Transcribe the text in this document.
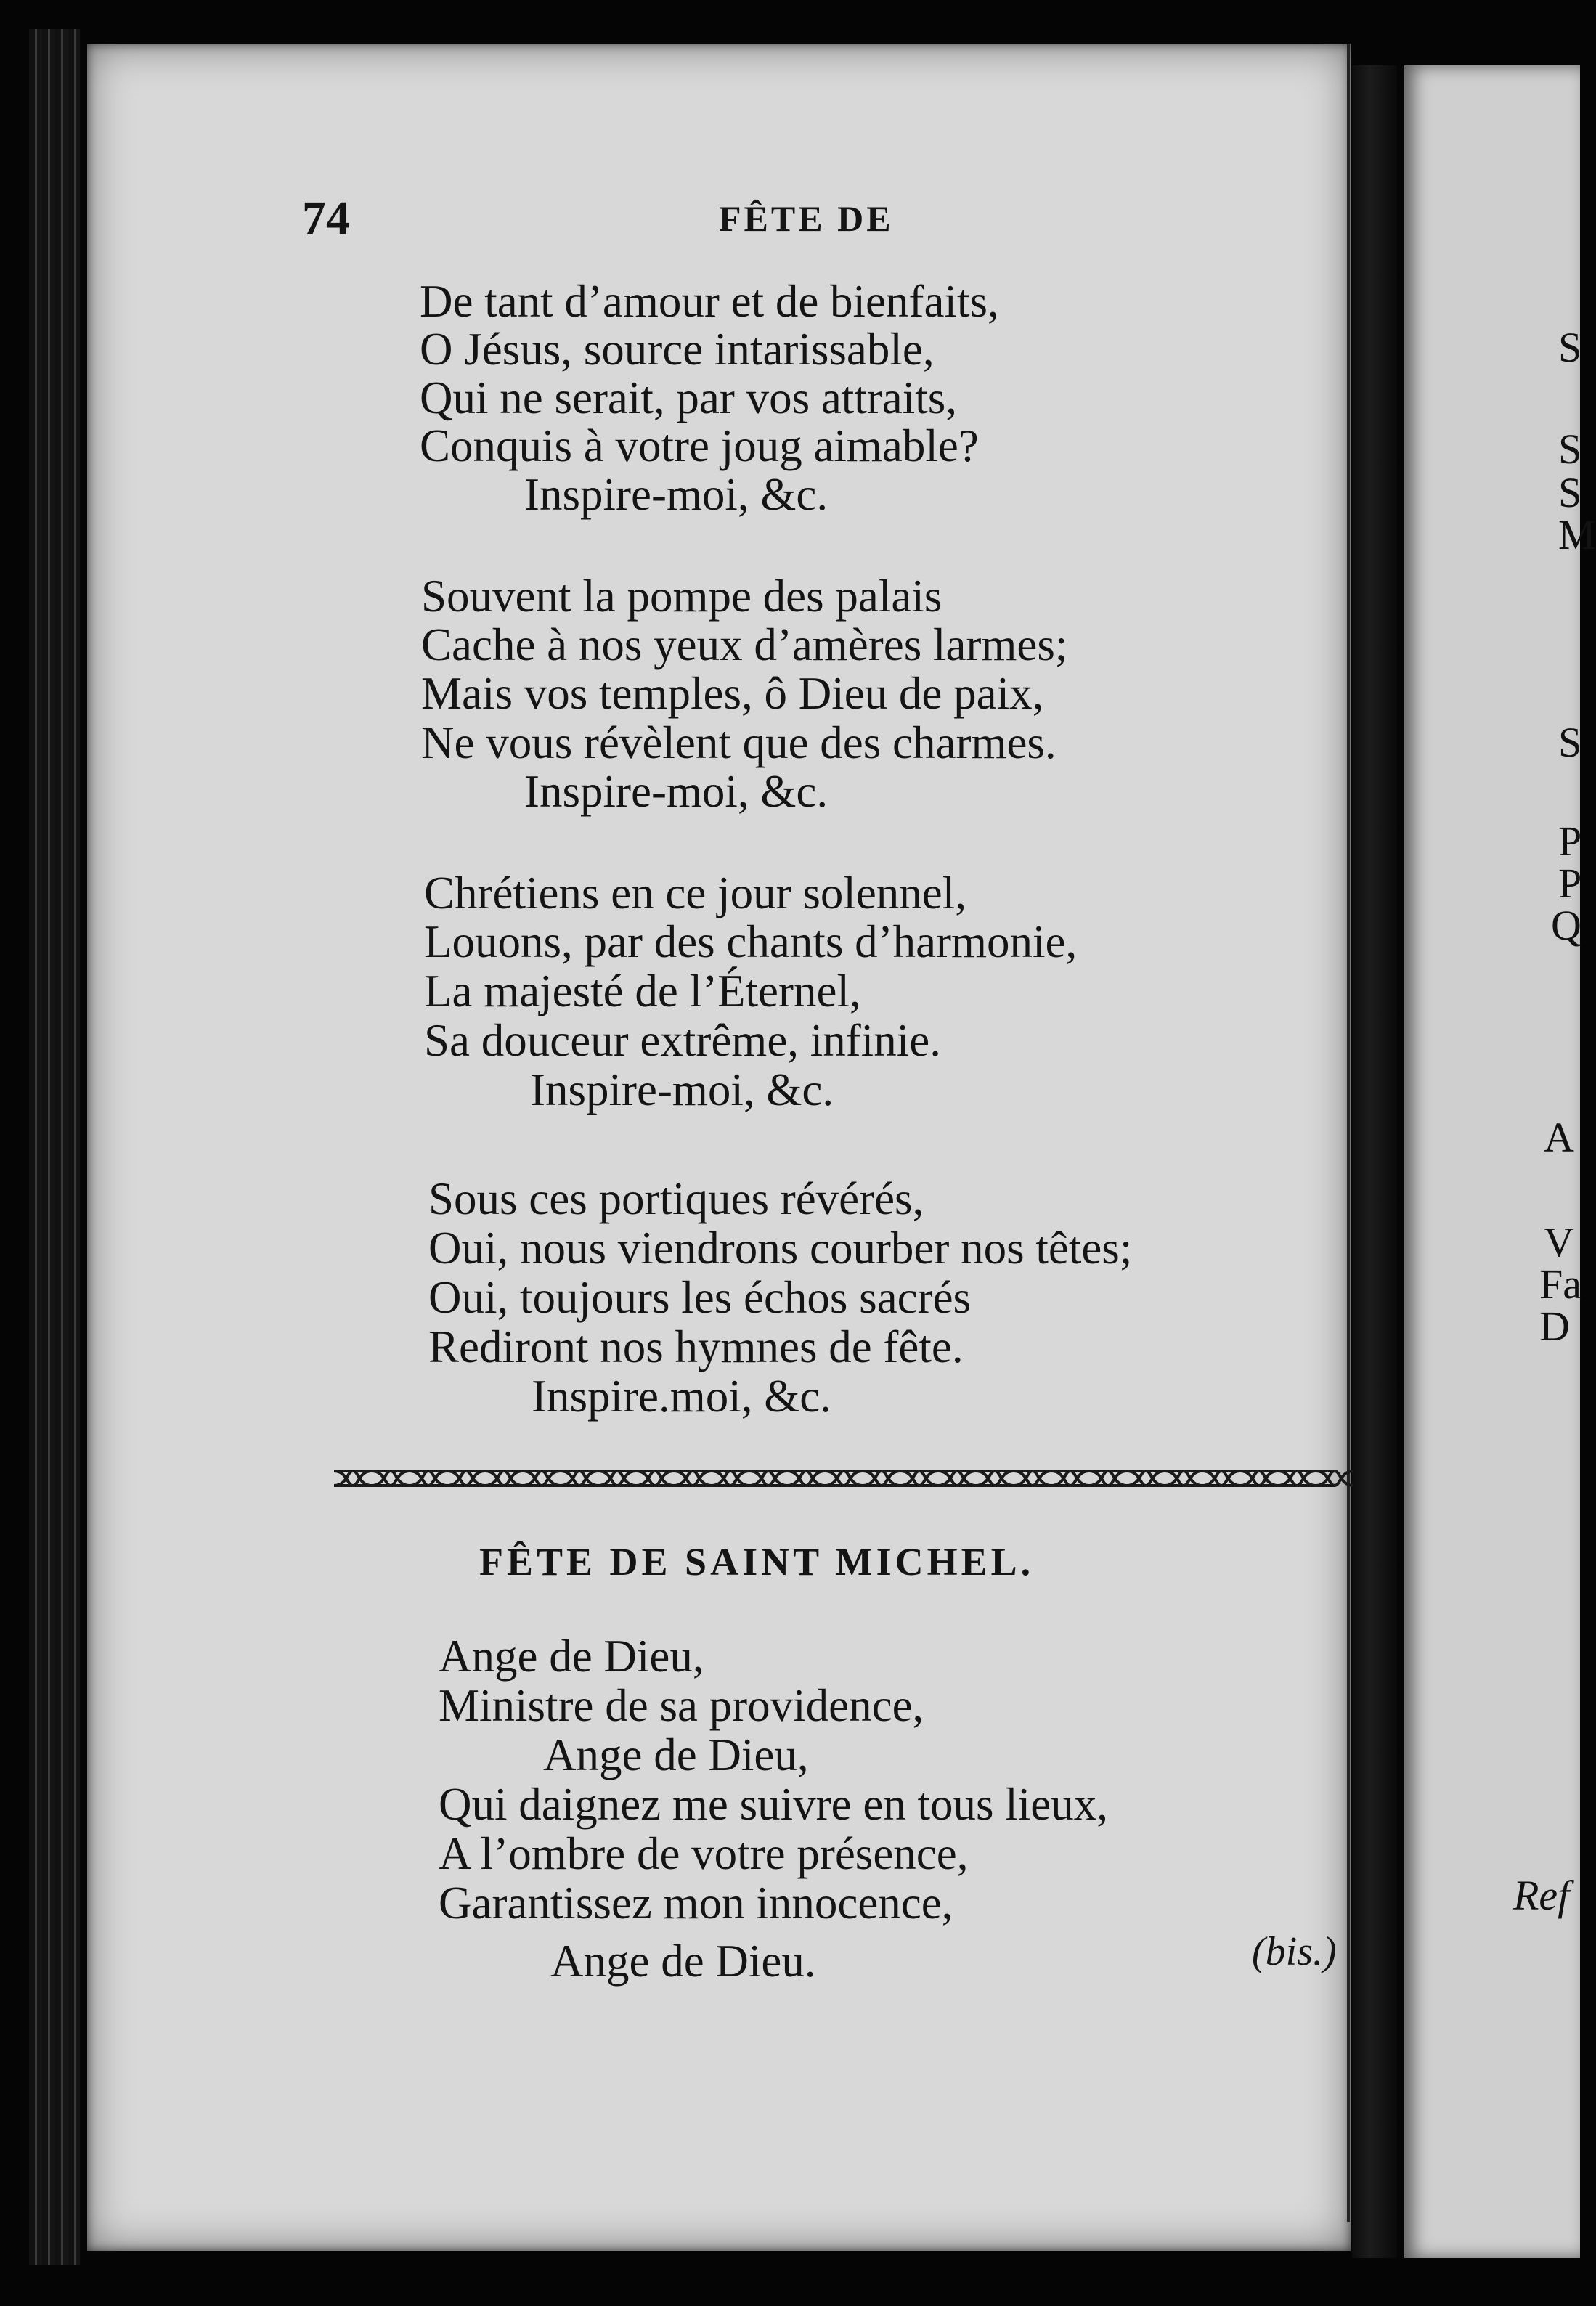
S
S
S
M
S
P
P
Q
A
V
Fa
D
Ref
74	FÊTE DE
De tant d’amour et de bienfaits,
O Jésus, source intarissable,
Qui ne serait, par vos attraits,
Conquis à votre joug aimable?
Inspire-moi, &c.
Souvent la pompe des palais
Cache à nos yeux d’amères larmes;
Mais vos temples, ô Dieu de paix,
Ne vous révèlent que des charmes.
Inspire-moi, &c.
Chrétiens en ce jour solennel,
Louons, par des chants d’harmonie,
La majesté de l’Éternel,
Sa douceur extrême, infinie.
Inspire-moi, &c.
Sous ces portiques révérés,
Oui, nous viendrons courber nos têtes;
Oui, toujours les échos sacrés
Rediront nos hymnes de fête.
Inspire.moi, &c.
FÊTE DE SAINT MICHEL.
Ange de Dieu,
Ministre de sa providence,
Ange de Dieu,
Qui daignez me suivre en tous lieux,
A l’ombre de votre présence,
Garantissez mon innocence,
Ange de Dieu.	(bis.)
